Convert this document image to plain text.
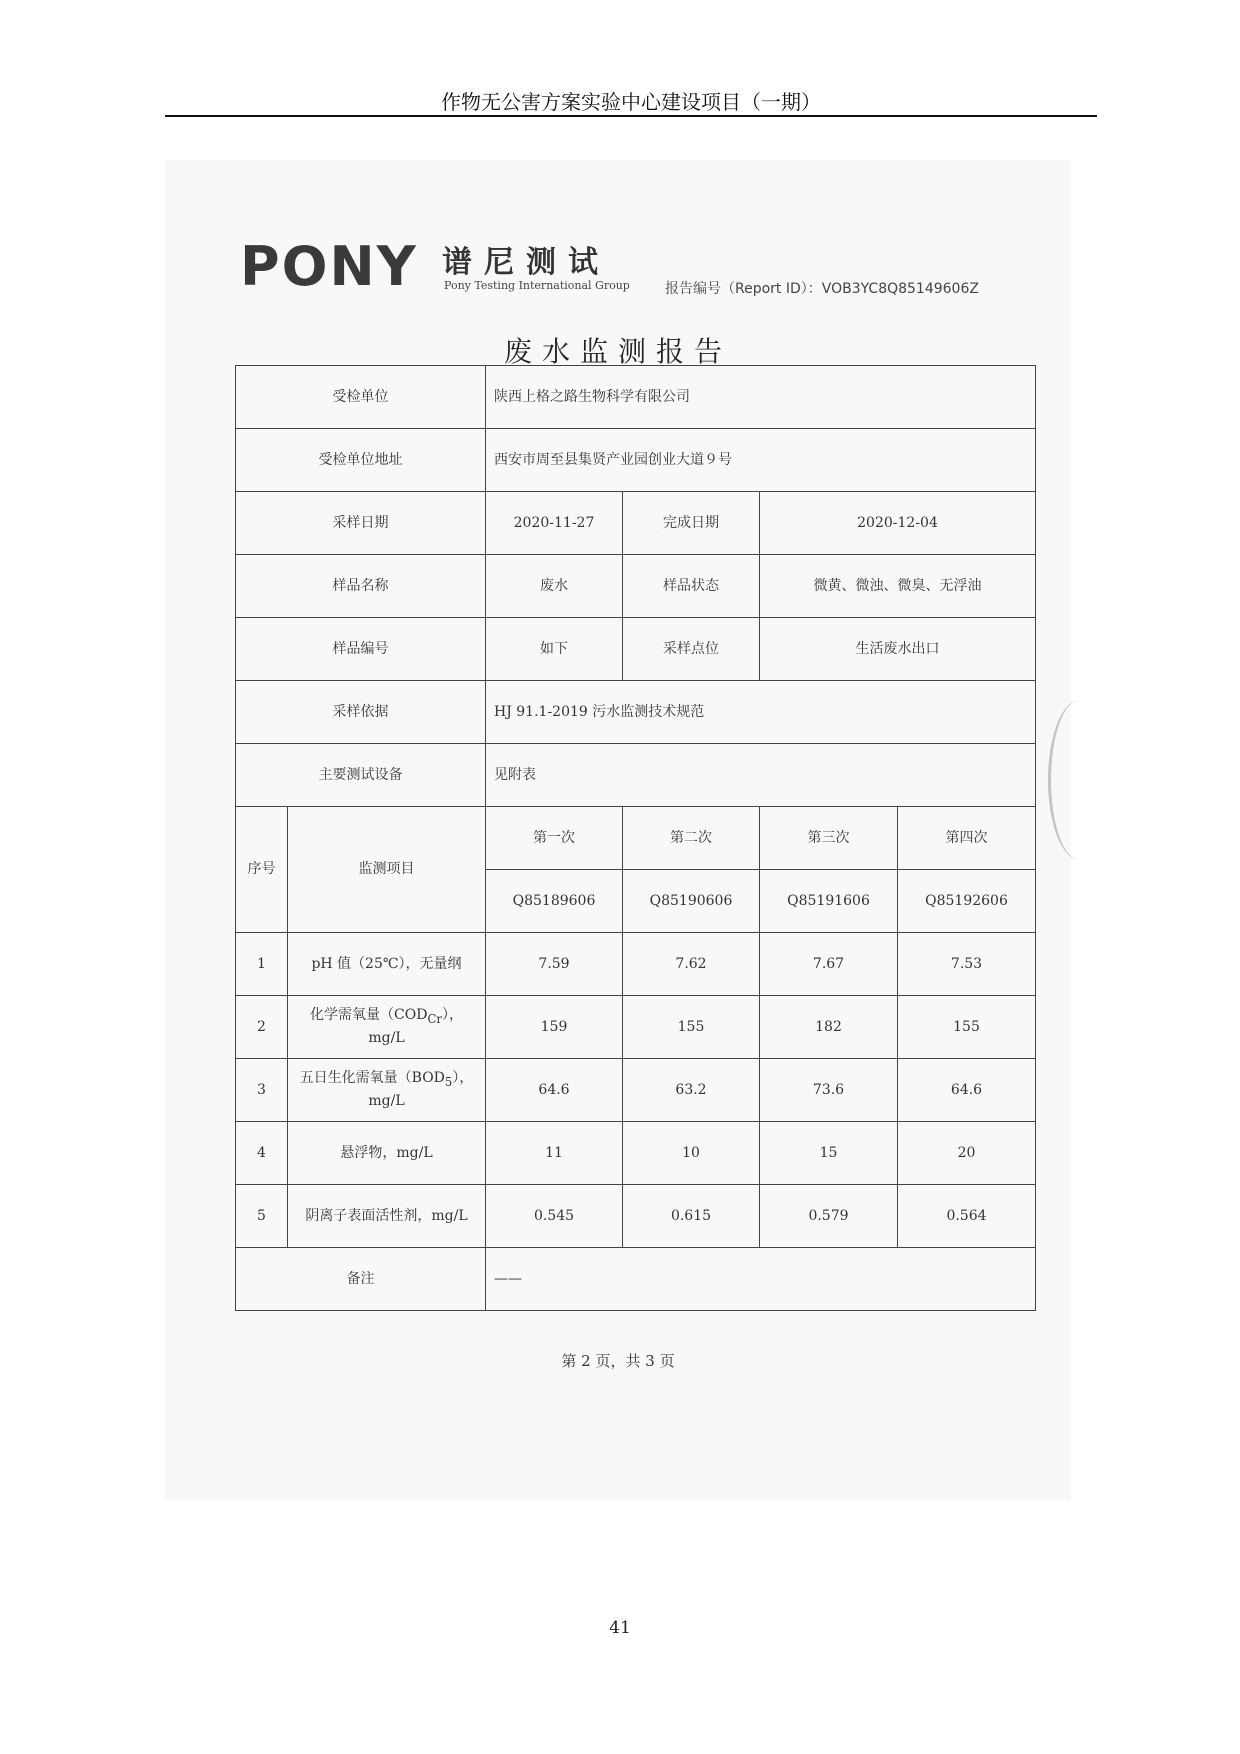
作物无公害方案实验中心建设项目（一期）
PONY 谱尼测试
Pony Testing International Group	报告编号（Report ID）：VOB3YC8Q85149606Z
废水监测报告
受检单位		陕西上格之路生物科学有限公司			
受检单位地址		西安市周至县集贤产业园创业大道９号			
采样日期		2020-11-27	完成日期	2020-12-04	
样品名称		废水	样品状态	微黄、微浊、微臭、无浮油	
样品编号		如下	采样点位	生活废水出口	
采样依据		HJ 91.1-2019 污水监测技术规范			
主要测试设备		见附表			
序号	监测项目	第一次	第二次	第三次	第四次
		Q85189606	Q85190606	Q85191606	Q85192606
1	pH 值（25℃），无量纲	7.59	7.62	7.67	7.53
2	化学需氧量$(COD_{Cr})$，mg/L	159	155	182	155
3	五日生化需氧量$(BOD_5)$，mg/L	64.6	63.2	73.6	64.6
4	悬浮物，mg/L	11	10	15	20
5	阴离子表面活性剂，mg/L	0.545	0.615	0.579	0.564
备注		——			
第 2 页，共 3 页
41
